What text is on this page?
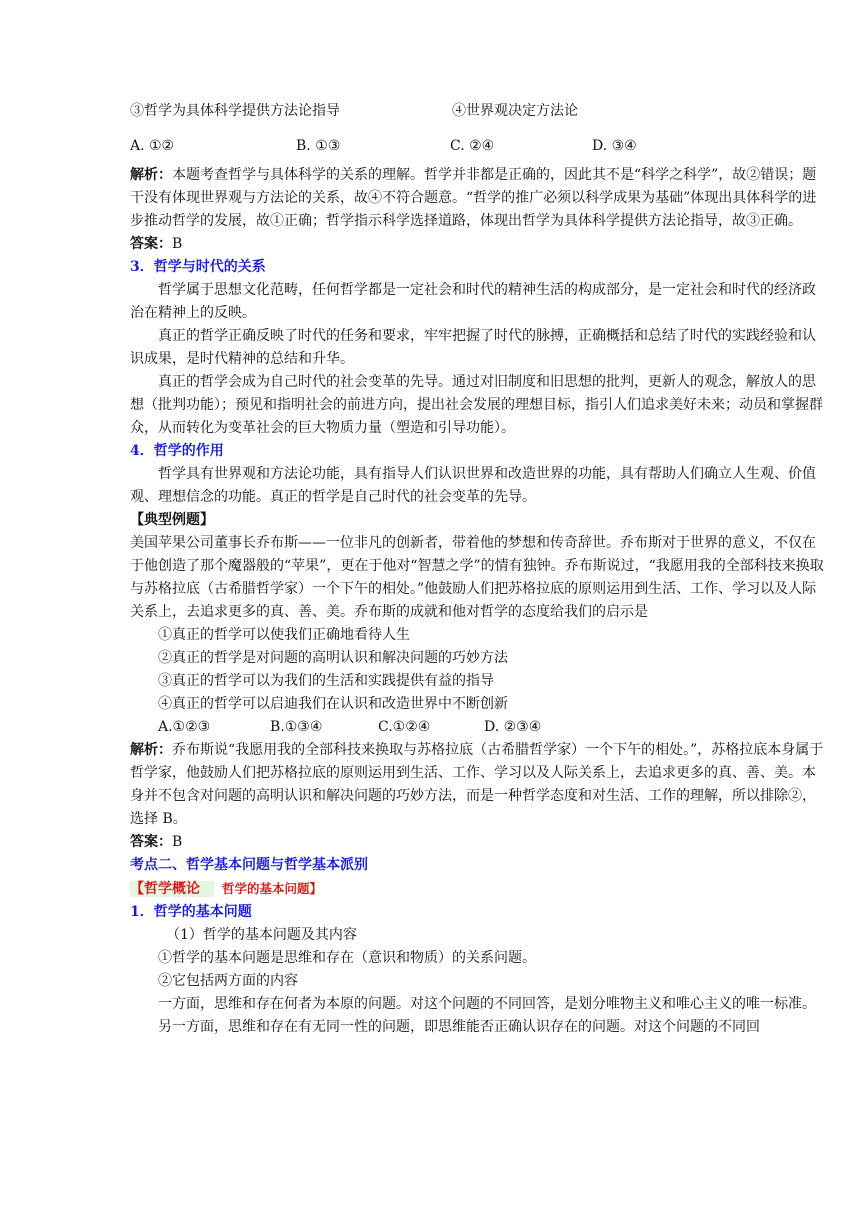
③哲学为具体科学提供方法论指导	④世界观决定方法论
A. ①②	B. ①③	C. ②④	D. ③④

解析：本题考查哲学与具体科学的关系的理解。哲学并非都是正确的，因此其不是“科学之科学”，故②错误；题干没有体现世界观与方法论的关系，故④不符合题意。“哲学的推广必须以科学成果为基础”体现出具体科学的进步推动哲学的发展，故①正确；哲学指示科学选择道路，体现出哲学为具体科学提供方法论指导，故③正确。

答案：B

3．哲学与时代的关系

哲学属于思想文化范畴，任何哲学都是一定社会和时代的精神生活的构成部分，是一定社会和时代的经济政治在精神上的反映。

真正的哲学正确反映了时代的任务和要求，牢牢把握了时代的脉搏，正确概括和总结了时代的实践经验和认识成果，是时代精神的总结和升华。

真正的哲学会成为自己时代的社会变革的先导。通过对旧制度和旧思想的批判，更新人的观念，解放人的思想（批判功能）；预见和指明社会的前进方向，提出社会发展的理想目标，指引人们追求美好未来；动员和掌握群众，从而转化为变革社会的巨大物质力量（塑造和引导功能）。

4．哲学的作用

哲学具有世界观和方法论功能，具有指导人们认识世界和改造世界的功能，具有帮助人们确立人生观、价值观、理想信念的功能。真正的哲学是自己时代的社会变革的先导。

【典型例题】

美国苹果公司董事长乔布斯——一位非凡的创新者，带着他的梦想和传奇辞世。乔布斯对于世界的意义，不仅在于他创造了那个魔器般的“苹果”，更在于他对“智慧之学”的情有独钟。乔布斯说过，“我愿用我的全部科技来换取与苏格拉底（古希腊哲学家）一个下午的相处。”他鼓励人们把苏格拉底的原则运用到生活、工作、学习以及人际关系上，去追求更多的真、善、美。乔布斯的成就和他对哲学的态度给我们的启示是

①真正的哲学可以使我们正确地看待人生

②真正的哲学是对问题的高明认识和解决问题的巧妙方法

③真正的哲学可以为我们的生活和实践提供有益的指导

④真正的哲学可以启迪我们在认识和改造世界中不断创新

A.①②③	B.①③④	C.①②④	D. ②③④

解析：乔布斯说“我愿用我的全部科技来换取与苏格拉底（古希腊哲学家）一个下午的相处。”，苏格拉底本身属于哲学家，他鼓励人们把苏格拉底的原则运用到生活、工作、学习以及人际关系上，去追求更多的真、善、美。本身并不包含对问题的高明认识和解决问题的巧妙方法，而是一种哲学态度和对生活、工作的理解，所以排除②，选择 B。

答案：B

考点二、哲学基本问题与哲学基本派别

【哲学概论 哲学的基本问题】

1．哲学的基本问题

（1）哲学的基本问题及其内容

①哲学的基本问题是思维和存在（意识和物质）的关系问题。

②它包括两方面的内容

一方面，思维和存在何者为本原的问题。对这个问题的不同回答，是划分唯物主义和唯心主义的唯一标准。

另一方面，思维和存在有无同一性的问题，即思维能否正确认识存在的问题。对这个问题的不同回
